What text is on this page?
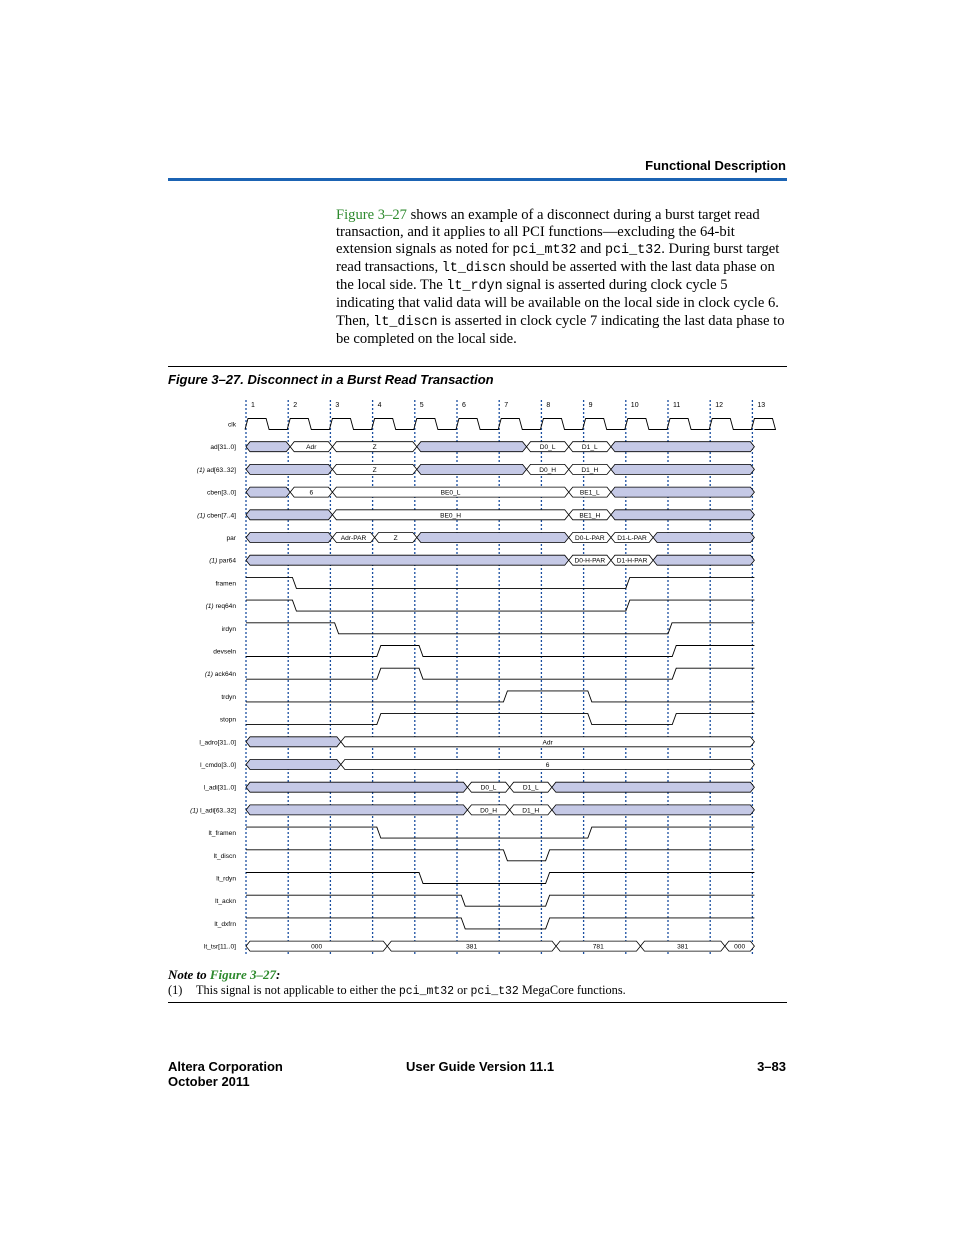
Functional Description
Figure 3–27 shows an example of a disconnect during a burst target read transaction, and it applies to all PCI functions—excluding the 64-bit extension signals as noted for pci_mt32 and pci_t32. During burst target read transactions, lt_discn should be asserted with the last data phase on the local side. The lt_rdyn signal is asserted during clock cycle 5 indicating that valid data will be available on the local side in clock cycle 6. Then, lt_discn is asserted in clock cycle 7 indicating the last data phase to be completed on the local side.
Figure 3–27. Disconnect in a Burst Read Transaction
1	2	3	4	5	6	7	8	9	10	11	12	13
clk
ad[31..0]	Adr	Z	D0_L	D1_L
(1) ad[63..32]	Z	D0_H	D1_H
cben[3..0]	6	BE0_L	BE1_L
(1) cben[7..4]	BE0_H	BE1_H
par	Adr-PAR	Z	D0-L-PAR D1-L-PAR
(1) par64	D0-H-PAR D1-H-PAR
framen
(1) req64n
irdyn
devseln
(1) ack64n
trdyn
stopn
l_adro[31..0]	Adr
l_cmdo[3..0]	6
l_adi[31..0]	D0_L	D1_L
(1) l_adi[63..32]	D0_H	D1_H
lt_framen
lt_discn
lt_rdyn
lt_ackn
lt_dxfrn
lt_tsr[11..0]	000	381	781	381	000
Note to Figure 3–27:
(1) This signal is not applicable to either the pci_mt32 or pci_t32 MegaCore functions.
Altera Corporation
October 2011
User Guide Version 11.1	3–83
